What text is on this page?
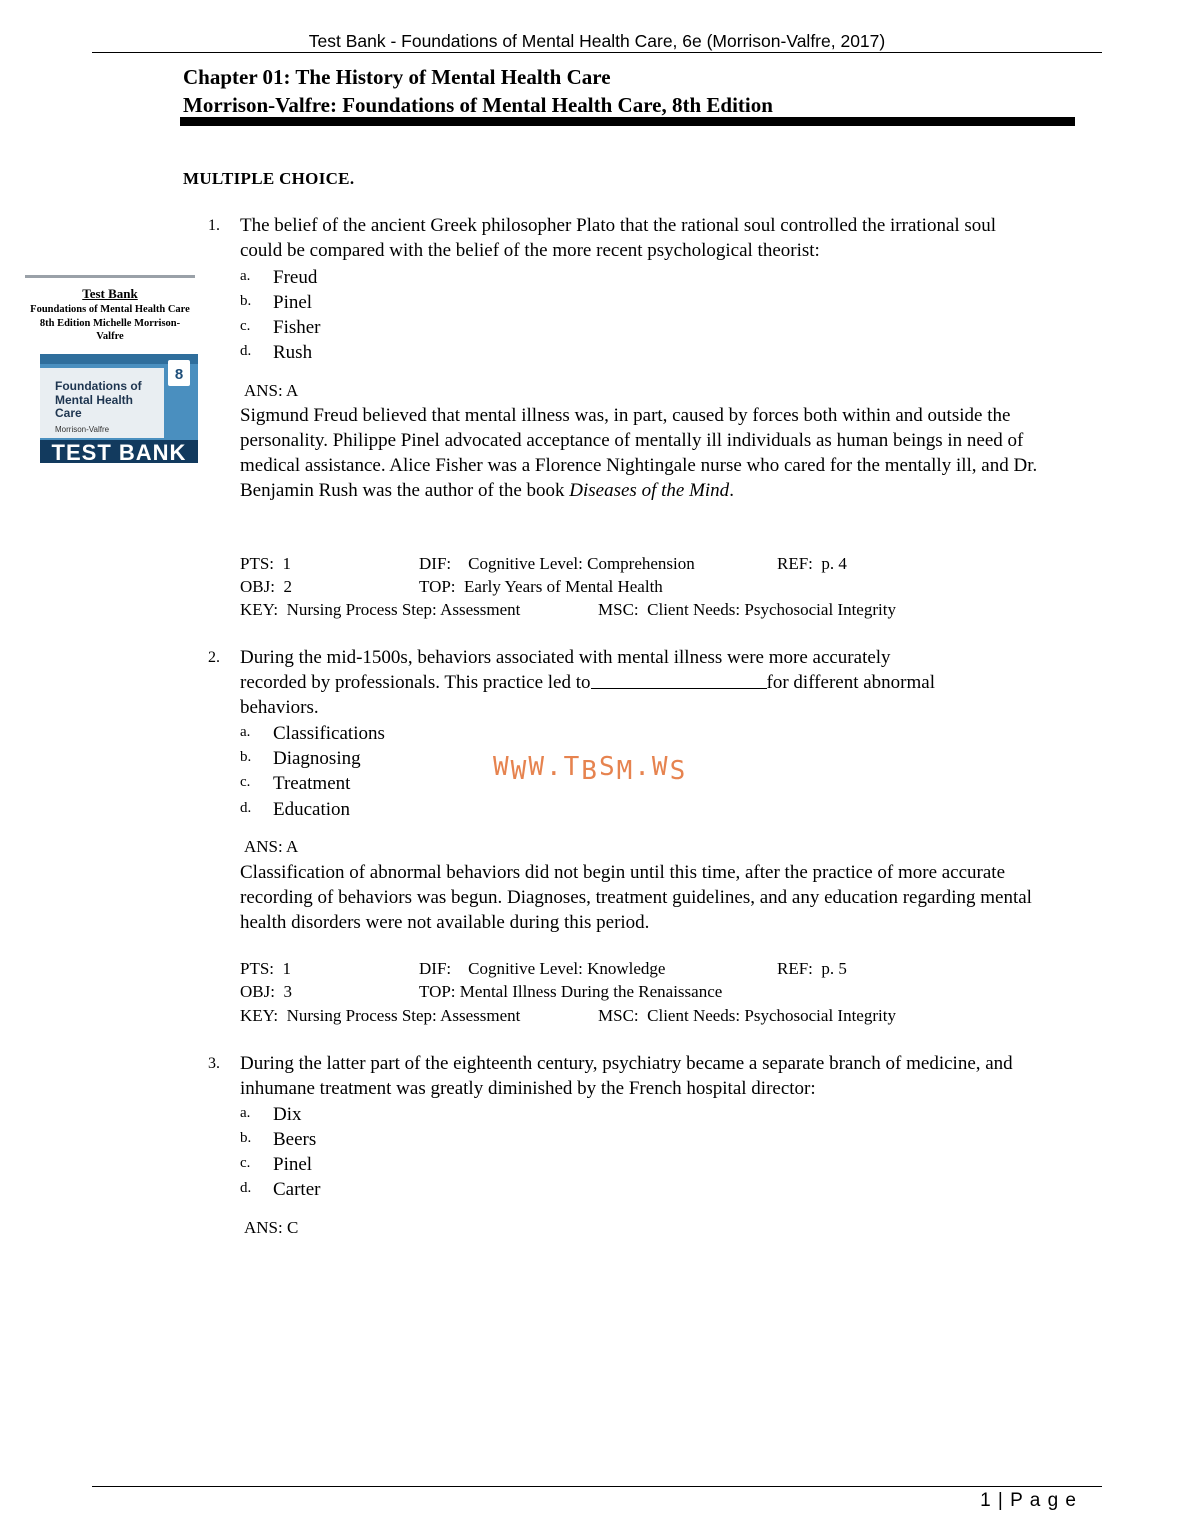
Test Bank - Foundations of Mental Health Care, 6e (Morrison-Valfre, 2017)
Chapter 01: The History of Mental Health Care
Morrison-Valfre: Foundations of Mental Health Care, 8th Edition
MULTIPLE CHOICE.
Test Bank
Foundations of Mental Health Care 8th Edition Michelle Morrison-Valfre
8
Foundations of Mental Health Care
Morrison-Valfre
TEST BANK
1.	The belief of the ancient Greek philosopher Plato that the rational soul controlled the irrational soul could be compared with the belief of the more recent psychological theorist:
a. Freud
b. Pinel
c. Fisher
d. Rush
ANS: A
Sigmund Freud believed that mental illness was, in part, caused by forces both within and outside the personality. Philippe Pinel advocated acceptance of mentally ill individuals as human beings in need of medical assistance. Alice Fisher was a Florence Nightingale nurse who cared for the mentally ill, and Dr. Benjamin Rush was the author of the book Diseases of the Mind.
PTS: 1	DIF: Cognitive Level: Comprehension	REF: p. 4
OBJ: 2	TOP: Early Years of Mental Health
KEY: Nursing Process Step: Assessment	MSC: Client Needs: Psychosocial Integrity
2.	During the mid-1500s, behaviors associated with mental illness were more accurately
recorded by professionals. This practice led to	for different abnormal
behaviors.
a. Classifications
b. Diagnosing
c. Treatment
d. Education
ANS: A
Classification of abnormal behaviors did not begin until this time, after the practice of more accurate recording of behaviors was begun. Diagnoses, treatment guidelines, and any education regarding mental health disorders were not available during this period.
PTS: 1	DIF: Cognitive Level: Knowledge	REF: p. 5
OBJ: 3	TOP: Mental Illness During the Renaissance
KEY: Nursing Process Step: Assessment	MSC: Client Needs: Psychosocial Integrity
3.	During the latter part of the eighteenth century, psychiatry became a separate branch of medicine, and inhumane treatment was greatly diminished by the French hospital director:
a. Dix
b. Beers
c. Pinel
d. Carter
ANS: C
WWW.TBSM.WS
1 | P a g e
